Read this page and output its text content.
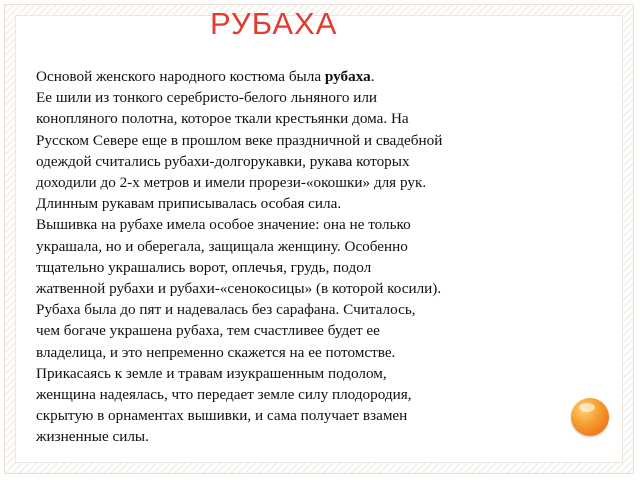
РУБАХА
Основой женского народного костюма была рубаха.
Ее шили из тонкого серебристо-белого льняного или
конопляного полотна, которое ткали крестьянки дома. На
Русском Севере еще в прошлом веке праздничной и свадебной
одеждой считались рубахи-долгорукавки, рукава которых
доходили до 2-х метров и имели прорези-«окошки» для рук.
Длинным рукавам приписывалась особая сила.
Вышивка на рубахе имела особое значение: она не только
украшала, но и оберегала, защищала женщину. Особенно
тщательно украшались ворот, оплечья, грудь, подол
жатвенной рубахи и рубахи-«сенокосицы» (в которой косили).
Рубаха была до пят и надевалась без сарафана. Считалось,
чем богаче украшена рубаха, тем счастливее будет ее
владелица, и это непременно скажется на ее потомстве.
Прикасаясь к земле и травам изукрашенным подолом,
женщина надеялась, что передает земле силу плодородия,
скрытую в орнаментах вышивки, и сама получает взамен
жизненные силы.
